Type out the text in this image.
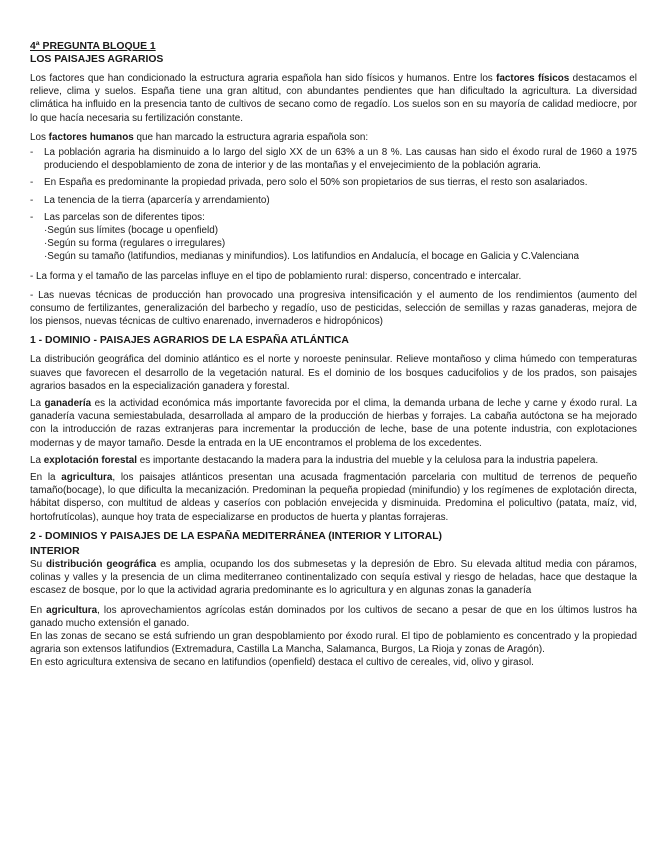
4ª PREGUNTA BLOQUE 1

LOS PAISAJES AGRARIOS

Los factores que han condicionado la estructura agraria española han sido físicos y humanos. Entre los factores físicos destacamos el relieve, clima y suelos. España tiene una gran altitud, con abundantes pendientes que han dificultado la agricultura. La diversidad climática ha influido en la presencia tanto de cultivos de secano como de regadío. Los suelos son en su mayoría de calidad mediocre, por lo que hacía necesaria su fertilización constante.

Los factores humanos que han marcado la estructura agraria española son:

- La población agraria ha disminuido a lo largo del siglo XX de un 63% a un 8 %. Las causas han sido el éxodo rural de 1960 a 1975 produciendo el despoblamiento de zona de interior y de las montañas y el envejecimiento de la población agraria.

- En España es predominante la propiedad privada, pero solo el 50% son propietarios de sus tierras, el resto son asalariados.

- La tenencia de la tierra (aparcería y arrendamiento)

- Las parcelas son de diferentes tipos:

·Según sus límites (bocage u openfield)

·Según su forma (regulares o irregulares)

·Según su tamaño (latifundios, medianas y minifundios). Los latifundios en Andalucía, el bocage en Galicia y C.Valenciana

- La forma y el tamaño de las parcelas influye en el tipo de poblamiento rural: disperso, concentrado e intercalar.

- Las nuevas técnicas de producción han provocado una progresiva intensificación y el aumento de los rendimientos (aumento del consumo de fertilizantes, generalización del barbecho y regadío, uso de pesticidas, selección de semillas y razas ganaderas, mejora de los piensos, nuevas técnicas de cultivo enarenado, invernaderos e hidropónicos)

1 - DOMINIO - PAISAJES AGRARIOS DE LA ESPAÑA ATLÁNTICA

La distribución geográfica del dominio atlántico es el norte y noroeste peninsular. Relieve montañoso y clima húmedo con temperaturas suaves que favorecen el desarrollo de la vegetación natural. Es el dominio de los bosques caducifolios y de los prados, son paisajes agrarios basados en la especialización ganadera y forestal.

La ganadería es la actividad económica más importante favorecida por el clima, la demanda urbana de leche y carne y éxodo rural. La ganadería vacuna semiestabulada, desarrollada al amparo de la producción de hierbas y forrajes. La cabaña autóctona se ha mejorado con la introducción de razas extranjeras para incrementar la producción de leche, base de una potente industria, con explotaciones modernas y de mayor tamaño. Desde la entrada en la UE encontramos el problema de los excedentes.

La explotación forestal es importante destacando la madera para la industria del mueble y la celulosa para la industria papelera.

En la agricultura, los paisajes atlánticos presentan una acusada fragmentación parcelaria con multitud de terrenos de pequeño tamaño(bocage), lo que dificulta la mecanización. Predominan la pequeña propiedad (minifundio) y los regímenes de explotación directa, hábitat disperso, con multitud de aldeas y caseríos con población envejecida y disminuida. Predomina el policultivo (patata, maíz, vid, hortofrutícolas), aunque hoy trata de especializarse en productos de huerta y plantas forrajeras.

2 - DOMINIOS Y PAISAJES DE LA ESPAÑA MEDITERRÁNEA (INTERIOR Y LITORAL)

INTERIOR

Su distribución geográfica es amplia, ocupando los dos submesetas y la depresión de Ebro. Su elevada altitud media con páramos, colinas y valles y la presencia de un clima mediterraneo continentalizado con sequía estival y riesgo de heladas, hace que destaque la escasez de bosque, por lo que la actividad agraria predominante es lo agricultura y en algunas zonas la ganadería

En agricultura, los aprovechamientos agrícolas están dominados por los cultivos de secano a pesar de que en los últimos lustros ha ganado mucho extensión el ganado.

En las zonas de secano se está sufriendo un gran despoblamiento por éxodo rural. El tipo de poblamiento es concentrado y la propiedad agraria son extensos latifundios (Extremadura, Castilla La Mancha, Salamanca, Burgos, La Rioja y zonas de Aragón).

En esto agricultura extensiva de secano en latifundios (openfield) destaca el cultivo de cereales, vid, olivo y girasol.
